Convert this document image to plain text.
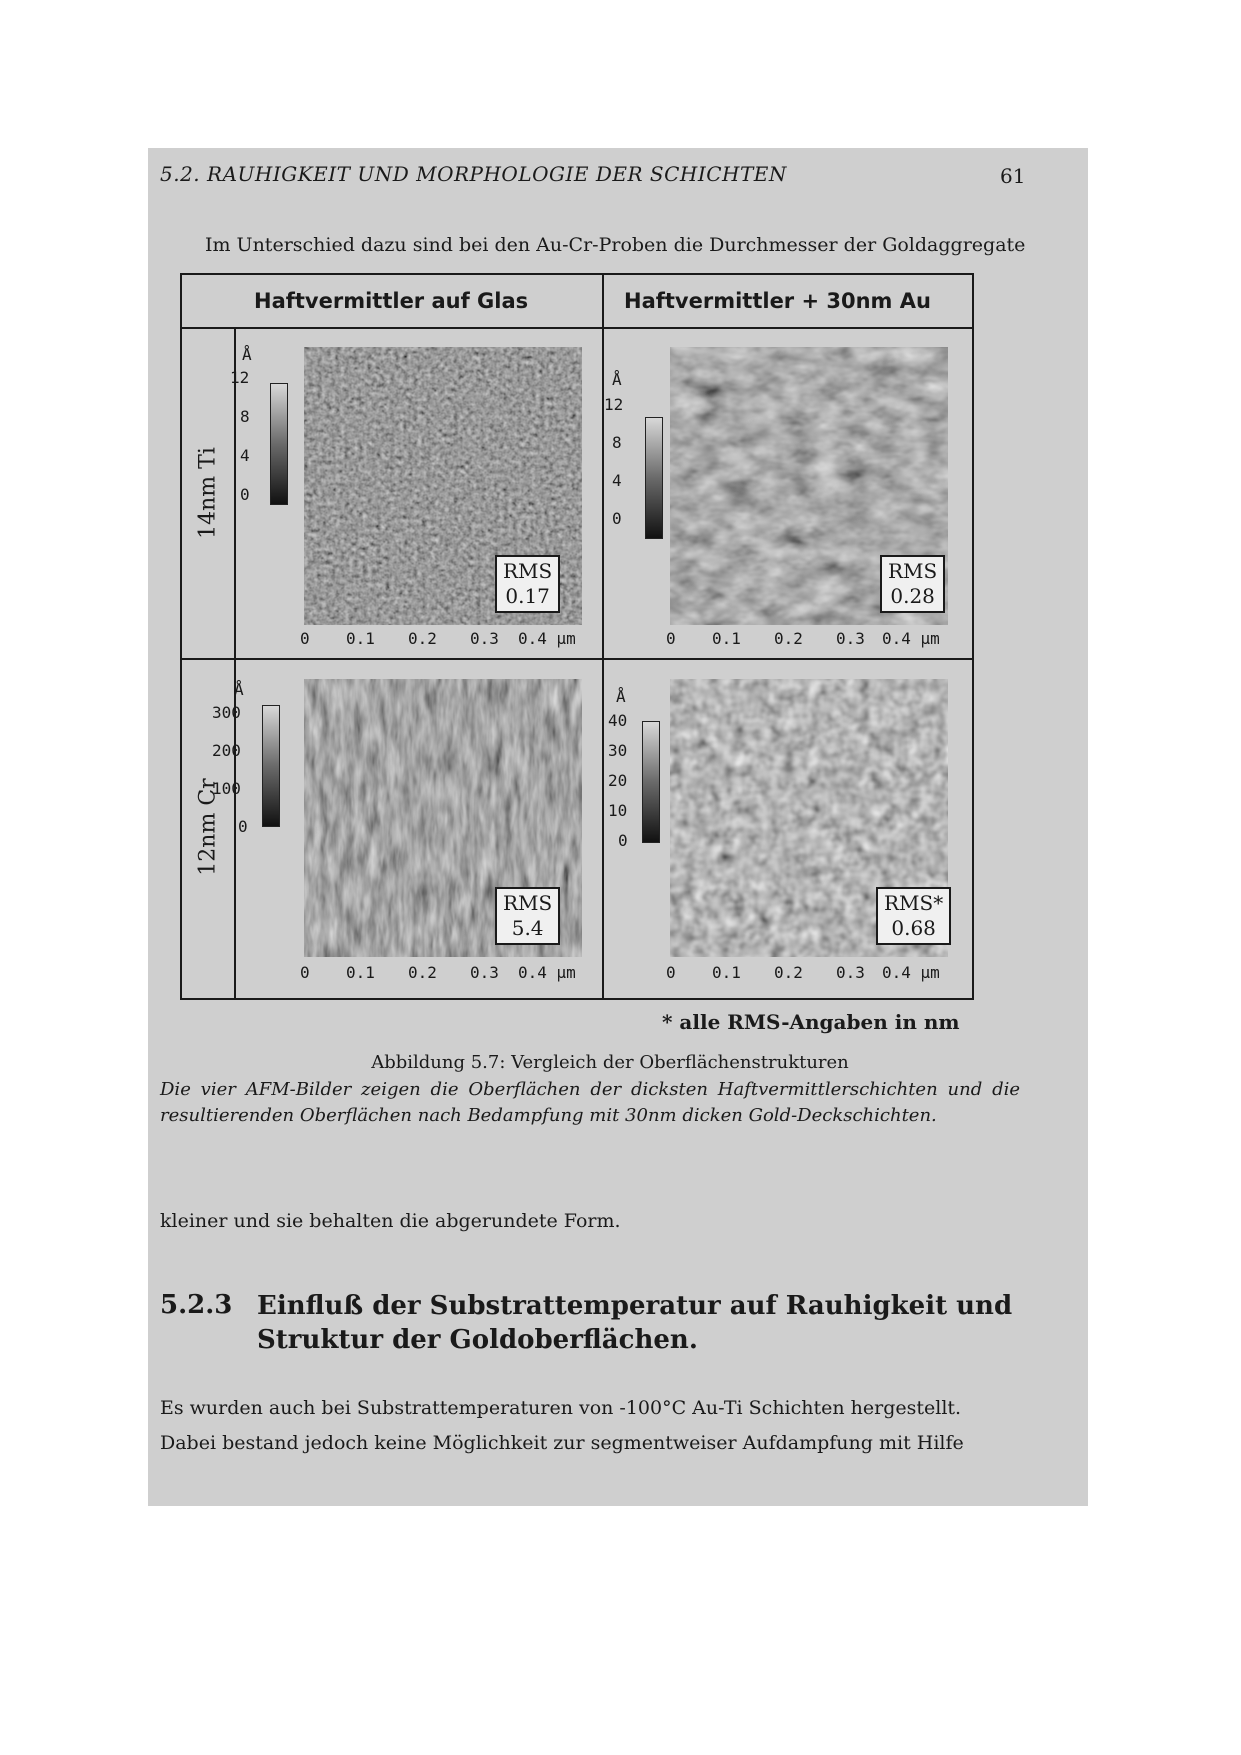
5.2. RAUHIGKEIT UND MORPHOLOGIE DER SCHICHTEN	61
Im Unterschied dazu sind bei den Au-Cr-Proben die Durchmesser der Goldaggregate
Haftvermittler auf Glas	Haftvermittler + 30nm Au
14nm Ti
12nm Cr
Å
12
8
4
0
RMS
0.17
0 0.1 0.2 0.3 0.4 µm
Å
12
8
4
0
RMS
0.28
0 0.1 0.2 0.3 0.4 µm
Å
300
200
100
0
RMS
5.4
0 0.1 0.2 0.3 0.4 µm
Å
40
30
20
10
0
RMS*
0.68
0 0.1 0.2 0.3 0.4 µm
* alle RMS-Angaben in nm
Abbildung 5.7: Vergleich der Oberflächenstrukturen
Die vier AFM-Bilder zeigen die Oberflächen der dicksten Haftvermittlerschichten und die resultierenden Oberflächen nach Bedampfung mit 30nm dicken Gold-Deckschichten.
kleiner und sie behalten die abgerundete Form.
5.2.3 Einfluß der Substrattemperatur auf Rauhigkeit und Struktur der Goldoberflächen.
Es wurden auch bei Substrattemperaturen von -100°C Au-Ti Schichten hergestellt.
Dabei bestand jedoch keine Möglichkeit zur segmentweiser Aufdampfung mit Hilfe
